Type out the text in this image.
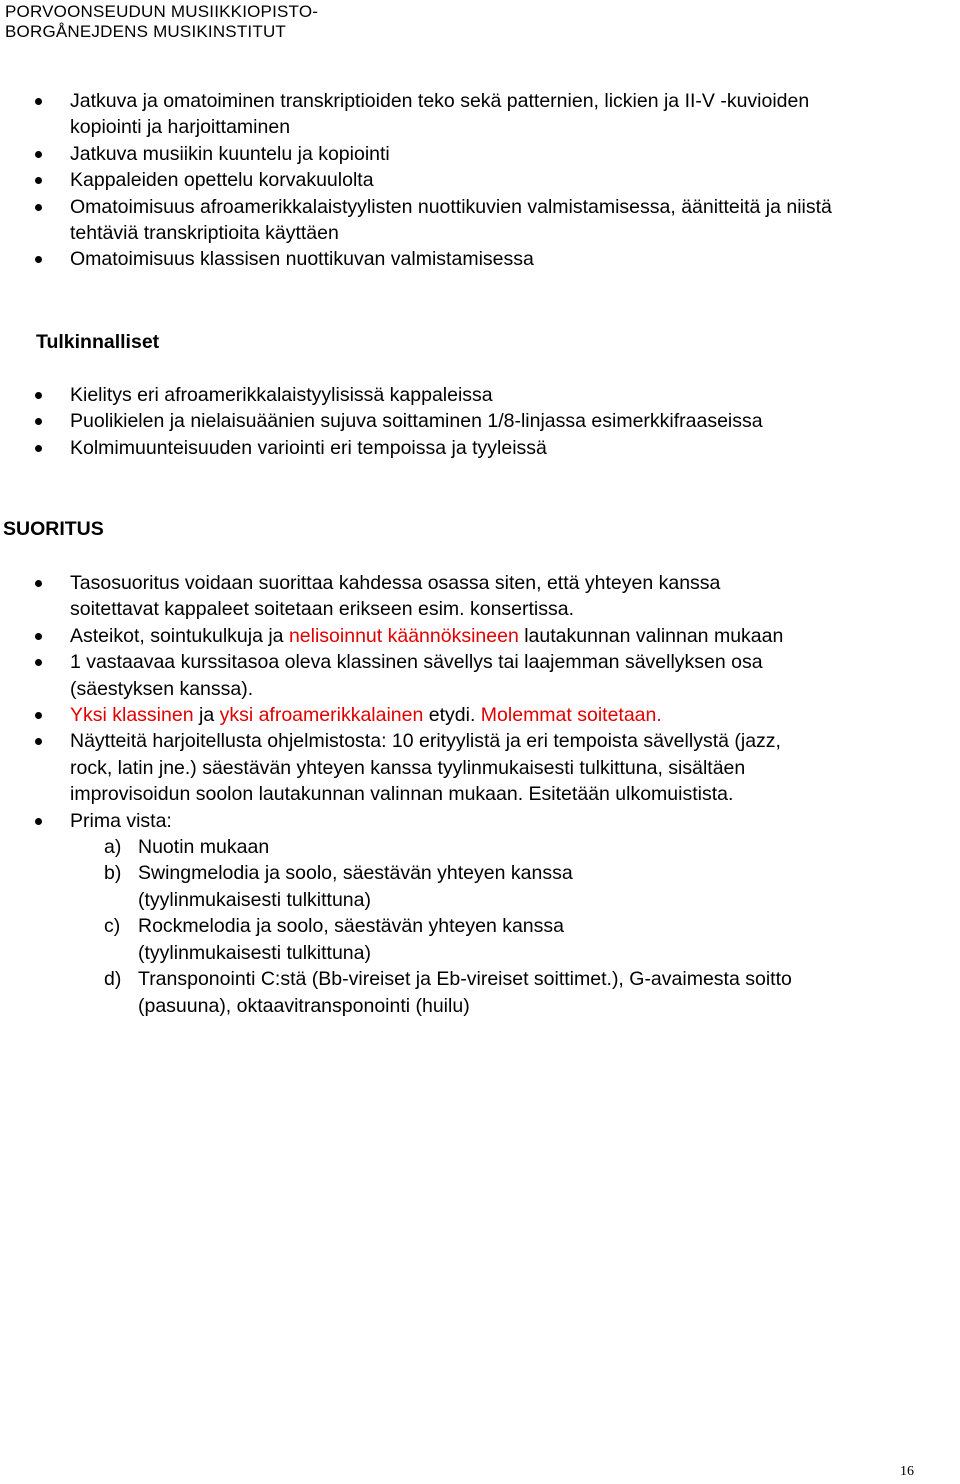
PORVOONSEUDUN MUSIIKKIOPISTO-
BORGÅNEJDENS MUSIKINSTITUT
Jatkuva ja omatoiminen transkriptioiden teko sekä patternien, lickien ja II-V -kuvioiden
kopiointi ja harjoittaminen
Jatkuva musiikin kuuntelu ja kopiointi
Kappaleiden opettelu korvakuulolta
Omatoimisuus afroamerikkalaistyylisten nuottikuvien valmistamisessa, äänitteitä ja niistä
tehtäviä transkriptioita käyttäen
Omatoimisuus klassisen nuottikuvan valmistamisessa
Tulkinnalliset
Kielitys eri afroamerikkalaistyylisissä kappaleissa
Puolikielen ja nielaisuäänien sujuva soittaminen 1/8-linjassa esimerkkifraaseissa
Kolmimuunteisuuden variointi eri tempoissa ja tyyleissä
SUORITUS
Tasosuoritus voidaan suorittaa kahdessa osassa siten, että yhteyen kanssa
soitettavat kappaleet soitetaan erikseen esim. konsertissa.
Asteikot, sointukulkuja ja nelisoinnut käännöksineen lautakunnan valinnan mukaan
1 vastaavaa kurssitasoa oleva klassinen sävellys tai laajemman sävellyksen osa
(säestyksen kanssa).
Yksi klassinen ja yksi afroamerikkalainen etydi. Molemmat soitetaan.
Näytteitä harjoitellusta ohjelmistosta: 10 erityylistä ja eri tempoista sävellystä (jazz,
rock, latin jne.) säestävän yhteyen kanssa tyylinmukaisesti tulkittuna, sisältäen
improvisoidun soolon lautakunnan valinnan mukaan. Esitetään ulkomuistista.
Prima vista:
a) Nuotin mukaan
b) Swingmelodia ja soolo, säestävän yhteyen kanssa
(tyylinmukaisesti tulkittuna)
c) Rockmelodia ja soolo, säestävän yhteyen kanssa
(tyylinmukaisesti tulkittuna)
d) Transponointi C:stä (Bb-vireiset ja Eb-vireiset soittimet.), G-avaimesta soitto
(pasuuna), oktaavitransponointi (huilu)
16
